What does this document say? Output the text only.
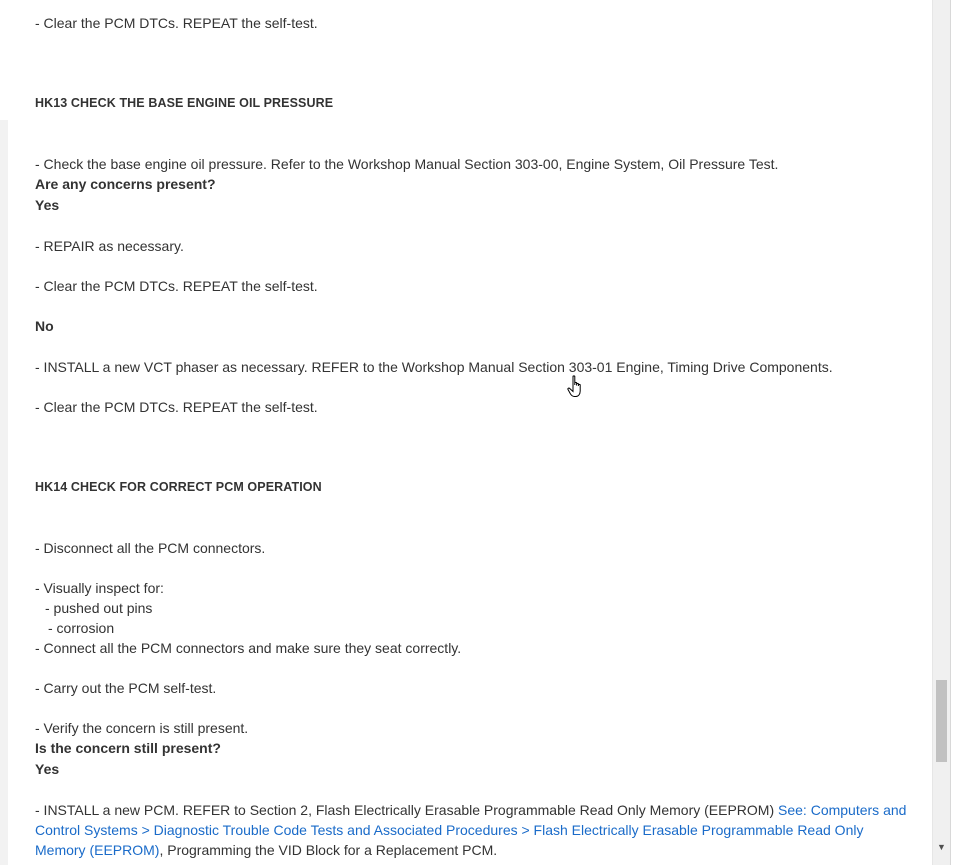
- Clear the PCM DTCs. REPEAT the self-test.
HK13 CHECK THE BASE ENGINE OIL PRESSURE
- Check the base engine oil pressure. Refer to the Workshop Manual Section 303-00, Engine System, Oil Pressure Test.
Are any concerns present?
Yes
- REPAIR as necessary.
- Clear the PCM DTCs. REPEAT the self-test.
No
- INSTALL a new VCT phaser as necessary. REFER to the Workshop Manual Section 303-01 Engine, Timing Drive Components.
- Clear the PCM DTCs. REPEAT the self-test.
HK14 CHECK FOR CORRECT PCM OPERATION
- Disconnect all the PCM connectors.
- Visually inspect for:
- pushed out pins
- corrosion
- Connect all the PCM connectors and make sure they seat correctly.
- Carry out the PCM self-test.
- Verify the concern is still present.
Is the concern still present?
Yes
- INSTALL a new PCM. REFER to Section 2, Flash Electrically Erasable Programmable Read Only Memory (EEPROM) See: Computers and
Control Systems > Diagnostic Trouble Code Tests and Associated Procedures > Flash Electrically Erasable Programmable Read Only
Memory (EEPROM), Programming the VID Block for a Replacement PCM.	▼
